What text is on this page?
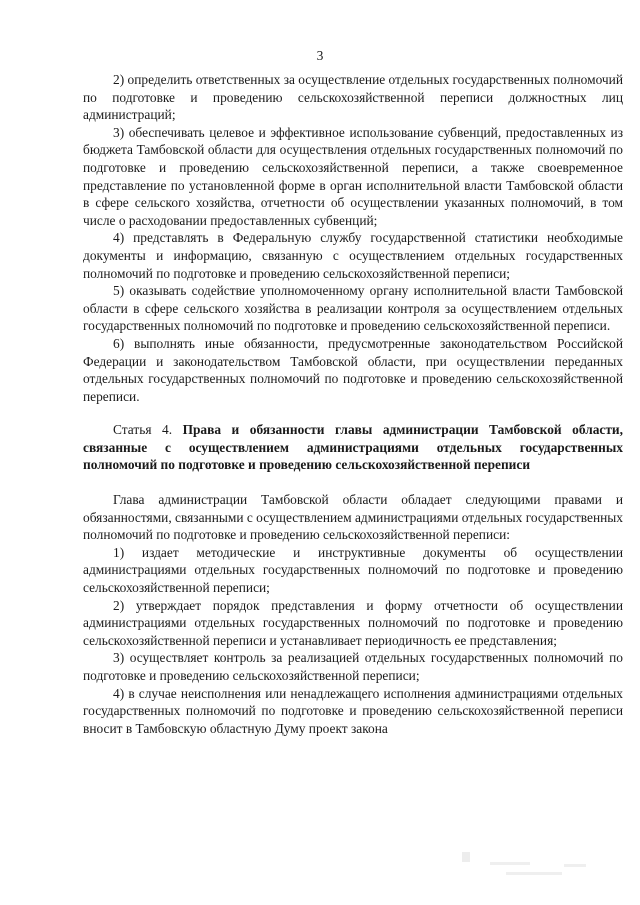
3

2) определить ответственных за осуществление отдельных государственных полномочий по подготовке и проведению сельскохозяйственной переписи должностных лиц администраций;

3) обеспечивать целевое и эффективное использование субвенций, предоставленных из бюджета Тамбовской области для осуществления отдельных государственных полномочий по подготовке и проведению сельскохозяйственной переписи, а также своевременное представление по установленной форме в орган исполнительной власти Тамбовской области в сфере сельского хозяйства, отчетности об осуществлении указанных полномочий, в том числе о расходовании предоставленных субвенций;

4) представлять в Федеральную службу государственной статистики необходимые документы и информацию, связанную с осуществлением отдельных государственных полномочий по подготовке и проведению сельскохозяйственной переписи;

5) оказывать содействие уполномоченному органу исполнительной власти Тамбовской области в сфере сельского хозяйства в реализации контроля за осуществлением отдельных государственных полномочий по подготовке и проведению сельскохозяйственной переписи.

6) выполнять иные обязанности, предусмотренные законодательством Российской Федерации и законодательством Тамбовской области, при осуществлении переданных отдельных государственных полномочий по подготовке и проведению сельскохозяйственной переписи.

Статья 4. Права и обязанности главы администрации Тамбовской области, связанные с осуществлением администрациями отдельных государственных полномочий по подготовке и проведению сельскохозяйственной переписи

Глава администрации Тамбовской области обладает следующими правами и обязанностями, связанными с осуществлением администрациями отдельных государственных полномочий по подготовке и проведению сельскохозяйственной переписи:

1) издает методические и инструктивные документы об осуществлении администрациями отдельных государственных полномочий по подготовке и проведению сельскохозяйственной переписи;

2) утверждает порядок представления и форму отчетности об осуществлении администрациями отдельных государственных полномочий по подготовке и проведению сельскохозяйственной переписи и устанавливает периодичность ее представления;

3) осуществляет контроль за реализацией отдельных государственных полномочий по подготовке и проведению сельскохозяйственной переписи;

4) в случае неисполнения или ненадлежащего исполнения администрациями отдельных государственных полномочий по подготовке и проведению сельскохозяйственной переписи вносит в Тамбовскую областную Думу проект закона
